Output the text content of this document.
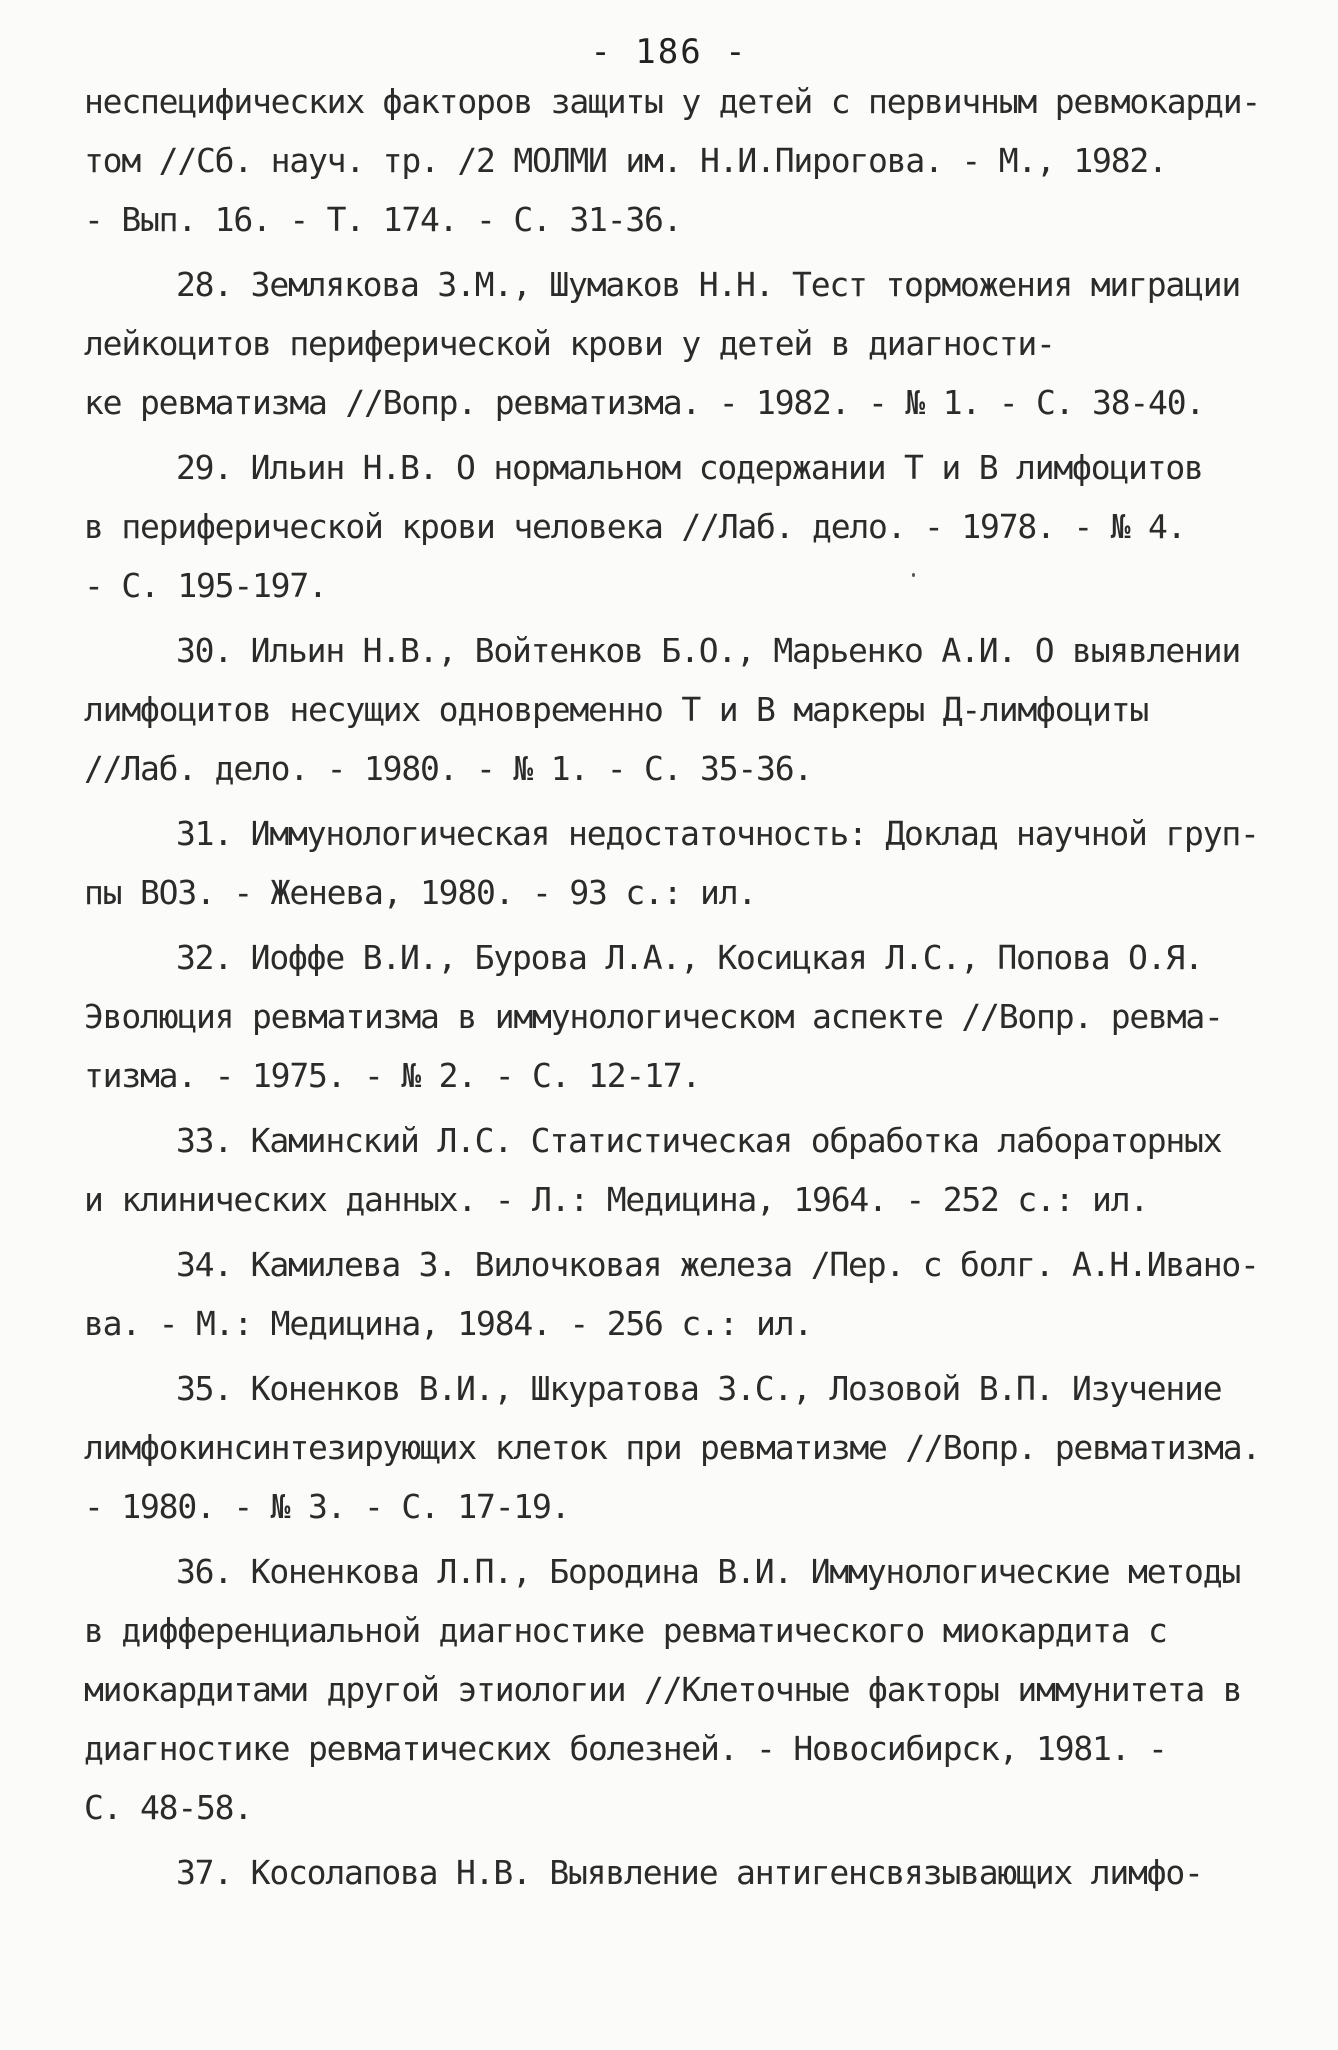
- 186 -
неспецифических факторов защиты у детей с первичным ревмокарди-
том //Сб. науч. тр. /2 МОЛМИ им. Н.И.Пирогова. - М., 1982.
- Вып. 16. - Т. 174. - С. 31-36.
28. Землякова З.М., Шумаков Н.Н. Тест торможения миграции
лейкоцитов периферической крови у детей в диагности-
ке ревматизма //Вопр. ревматизма. - 1982. - № 1. - С. 38-40.
29. Ильин Н.В. О нормальном содержании Т и В лимфоцитов
в периферической крови человека //Лаб. дело. - 1978. - № 4.
- С. 195-197.
30. Ильин Н.В., Войтенков Б.О., Марьенко А.И. О выявлении
лимфоцитов несущих одновременно Т и В маркеры Д-лимфоциты
//Лаб. дело. - 1980. - № 1. - С. 35-36.
31. Иммунологическая недостаточность: Доклад научной груп-
пы ВОЗ. - Женева, 1980. - 93 с.: ил.
32. Иоффе В.И., Бурова Л.А., Косицкая Л.С., Попова О.Я.
Эволюция ревматизма в иммунологическом аспекте //Вопр. ревма-
тизма. - 1975. - № 2. - С. 12-17.
33. Каминский Л.С. Статистическая обработка лабораторных
и клинических данных. - Л.: Медицина, 1964. - 252 с.: ил.
34. Камилева З. Вилочковая железа /Пер. с болг. А.Н.Ивано-
ва. - М.: Медицина, 1984. - 256 с.: ил.
35. Коненков В.И., Шкуратова З.С., Лозовой В.П. Изучение
лимфокинсинтезирующих клеток при ревматизме //Вопр. ревматизма.
- 1980. - № 3. - С. 17-19.
36. Коненкова Л.П., Бородина В.И. Иммунологические методы
в дифференциальной диагностике ревматического миокардита с
миокардитами другой этиологии //Клеточные факторы иммунитета в
диагностике ревматических болезней. - Новосибирск, 1981. -
С. 48-58.
37. Косолапова Н.В. Выявление антигенсвязывающих лимфо-
